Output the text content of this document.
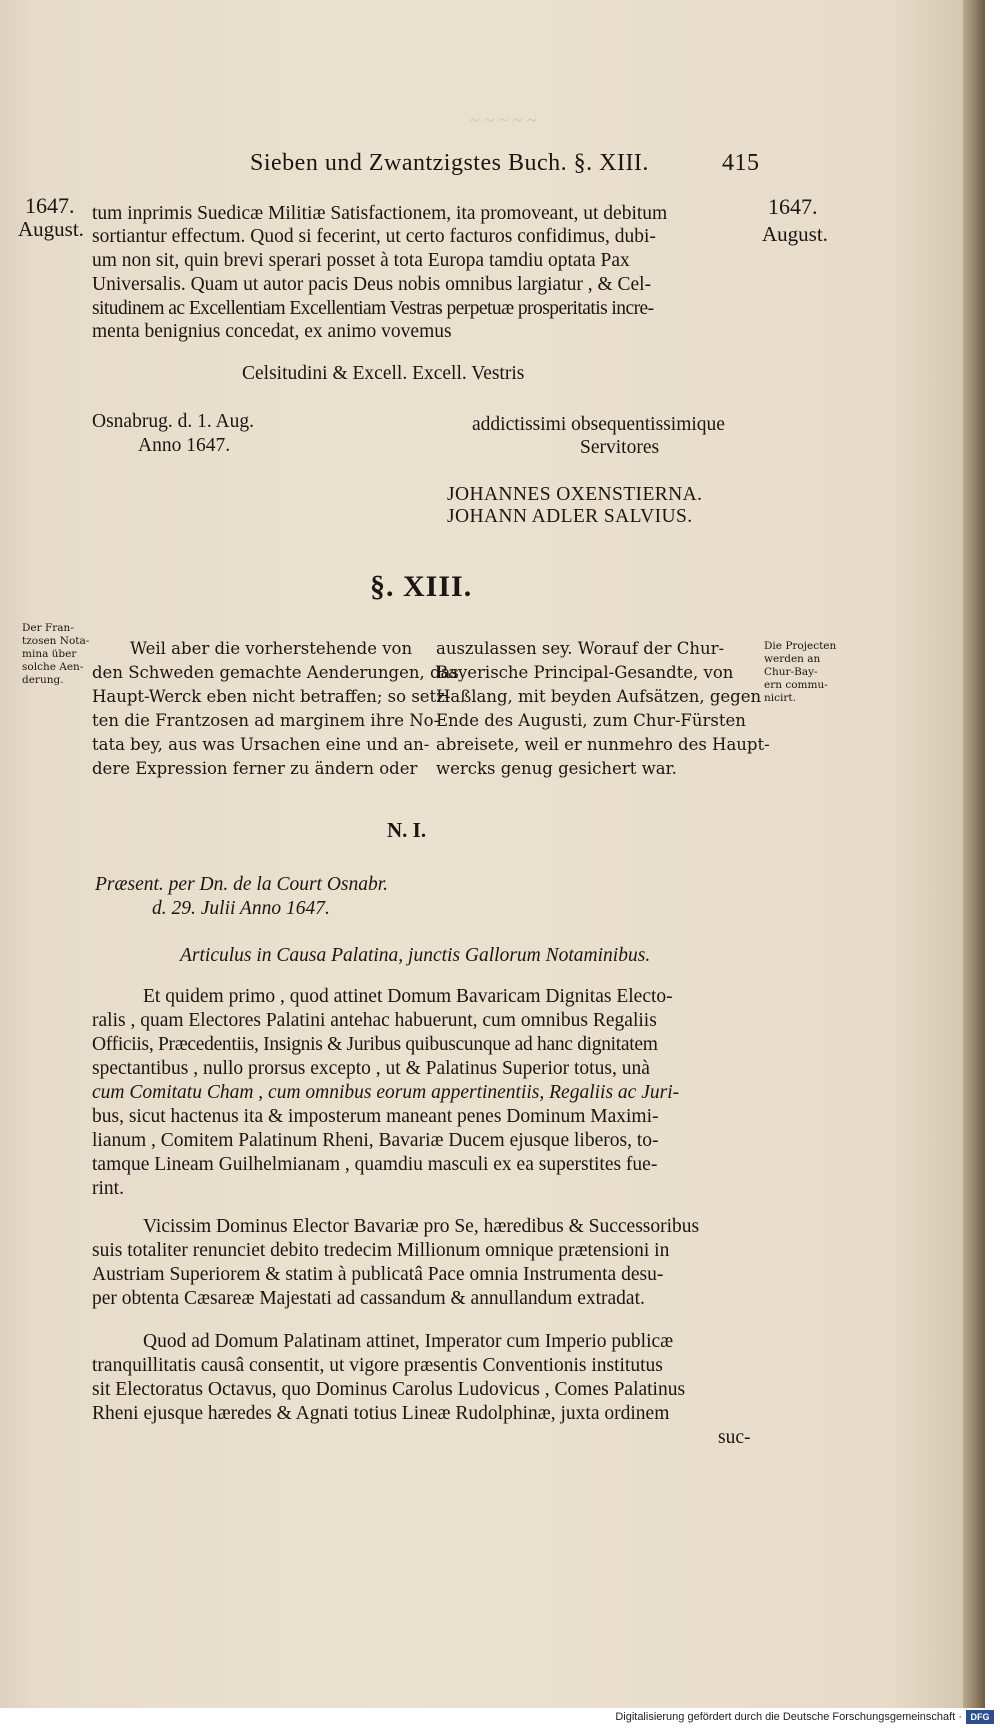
~ ~ ~ ~ ~
Sieben und Zwantzigstes Buch. §. XIII.	415
1647.
August.
1647.
August.
tum inprimis Suedicæ Militiæ Satisfactionem, ita promoveant, ut debitum
sortiantur effectum. Quod si fecerint, ut certo facturos confidimus, dubi-
um non sit, quin brevi sperari posset à tota Europa tamdiu optata Pax
Universalis. Quam ut autor pacis Deus nobis omnibus largiatur , & Cel-
situdinem ac Excellentiam Excellentiam Vestras perpetuæ prosperitatis incre-
menta benignius concedat, ex animo vovemus
Celsitudini & Excell. Excell. Vestris
Osnabrug. d. 1. Aug.
Anno 1647.
addictissimi obsequentissimique
Servitores
JOHANNES OXENSTIERNA.
JOHANN ADLER SALVIUS.
§. XIII.
Der Fran-
tzosen Nota-
mina über
solche Aen-
derung.
Die Projecten
werden an
Chur-Bay-
ern commu-
nicirt.
Weil aber die vorherstehende von
den Schweden gemachte Aenderungen, das
Haupt-Werck eben nicht betraffen; so setz-
ten die Frantzosen ad marginem ihre No-
tata bey, aus was Ursachen eine und an-
dere Expression ferner zu ändern oder
auszulassen sey. Worauf der Chur-
Bayerische Principal-Gesandte, von
Haßlang, mit beyden Aufsätzen, gegen
Ende des Augusti, zum Chur-Fürsten
abreisete, weil er nunmehro des Haupt-
wercks genug gesichert war.
N. I.
Præsent. per Dn. de la Court Osnabr.
d. 29. Julii Anno 1647.
Articulus in Causa Palatina, junctis Gallorum Notaminibus.
Et quidem primo , quod attinet Domum Bavaricam Dignitas Electo-
ralis , quam Electores Palatini antehac habuerunt, cum omnibus Regaliis
Officiis, Præcedentiis, Insignis & Juribus quibuscunque ad hanc dignitatem
spectantibus , nullo prorsus excepto , ut & Palatinus Superior totus, unà
cum Comitatu Cham , cum omnibus eorum appertinentiis, Regaliis ac Juri-
bus, sicut hactenus ita & imposterum maneant penes Dominum Maximi-
lianum , Comitem Palatinum Rheni, Bavariæ Ducem ejusque liberos, to-
tamque Lineam Guilhelmianam , quamdiu masculi ex ea superstites fue-
rint.
Vicissim Dominus Elector Bavariæ pro Se, hæredibus & Successoribus
suis totaliter renunciet debito tredecim Millionum omnique prætensioni in
Austriam Superiorem & statim à publicatâ Pace omnia Instrumenta desu-
per obtenta Cæsareæ Majestati ad cassandum & annullandum extradat.
Quod ad Domum Palatinam attinet, Imperator cum Imperio publicæ
tranquillitatis causâ consentit, ut vigore præsentis Conventionis institutus
sit Electoratus Octavus, quo Dominus Carolus Ludovicus , Comes Palatinus
Rheni ejusque hæredes & Agnati totius Lineæ Rudolphinæ, juxta ordinem
suc-
Digitalisierung gefördert durch die Deutsche Forschungsgemeinschaft · DFG
